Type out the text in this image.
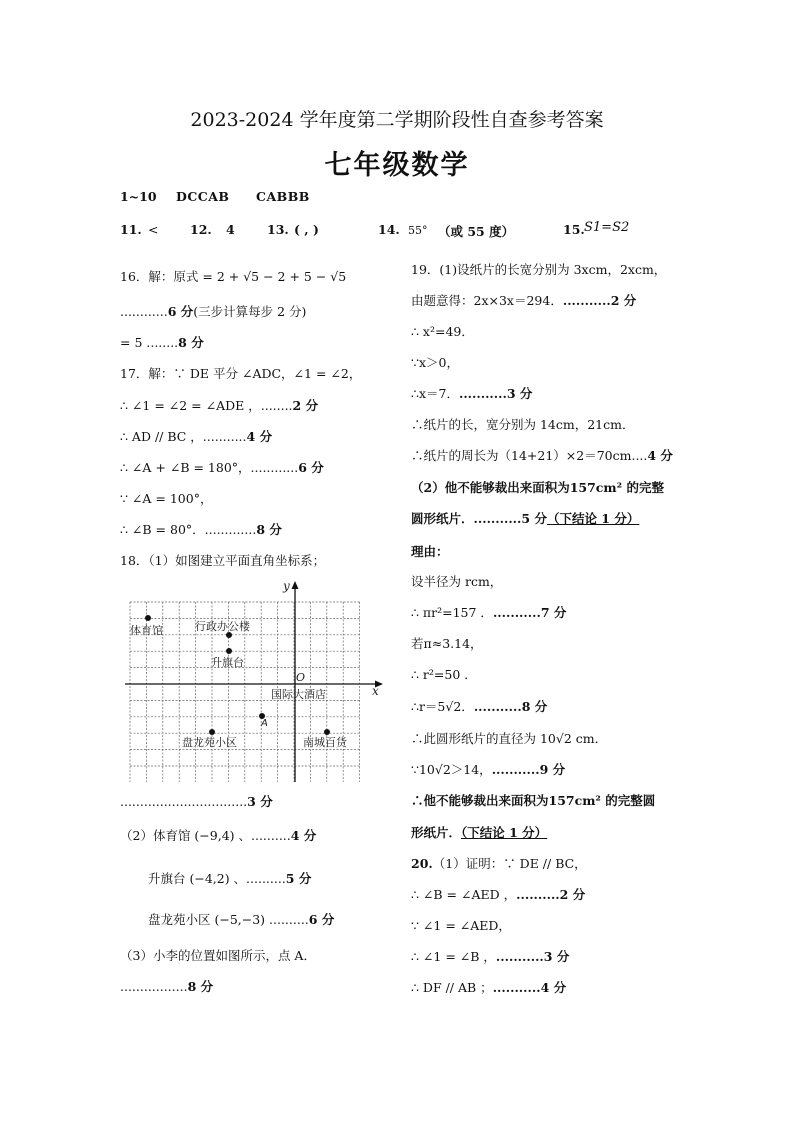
2023-2024 学年度第二学期阶段性自查参考答案
七年级数学
1~10 DCCAB CABBB
11. <	12. 4	13. ( , )	14. 55° （或 55 度）	15. S1=S2
16．解：原式 = 2 + √5 − 2 + 5 − √5
............6 分(三步计算每步 2 分)
= 5 ........8 分
17．解：∵ DE 平分 ∠ADC，∠1 = ∠2，
∴ ∠1 = ∠2 = ∠ADE ，........2 分
∴ AD // BC ，...........4 分
∴ ∠A + ∠B = 180°，............6 分
∵ ∠A = 100°，
∴ ∠B = 80°．.............8 分
18．（1）如图建立平面直角坐标系；
体育馆	行政办公楼
升旗台
O
国际大酒店
A
盘龙苑小区	南城百货
x
y
................................3 分
（2）体育馆 (−9,4) 、..........4 分
升旗台 (−4,2) 、..........5 分
盘龙苑小区 (−5,−3) ..........6 分
（3）小李的位置如图所示，点 A．
.................8 分
19．(1)设纸片的长宽分别为 3xcm，2xcm，
由题意得：2x×3x＝294．...........2 分
∴ x²=49．
∵x＞0，
∴x＝7．...........3 分
∴纸片的长，宽分别为 14cm，21cm．
∴纸片的周长为（14+21）×2＝70cm....4 分
（2）他不能够裁出来面积为157cm² 的完整
圆形纸片．...........5 分（下结论 1 分）
理由：
设半径为 rcm，
∴ πr²=157 ．...........7 分
若π≈3.14，
∴ r²=50 ．
∴r＝5√2．...........8 分
∴此圆形纸片的直径为 10√2 cm．
∵10√2＞14，...........9 分
∴他不能够裁出来面积为157cm² 的完整圆
形纸片．（下结论 1 分）
20.（1）证明：∵ DE // BC，
∴ ∠B = ∠AED ，..........2 分
∵ ∠1 = ∠AED，
∴ ∠1 = ∠B ，...........3 分
∴ DF // AB ；...........4 分
